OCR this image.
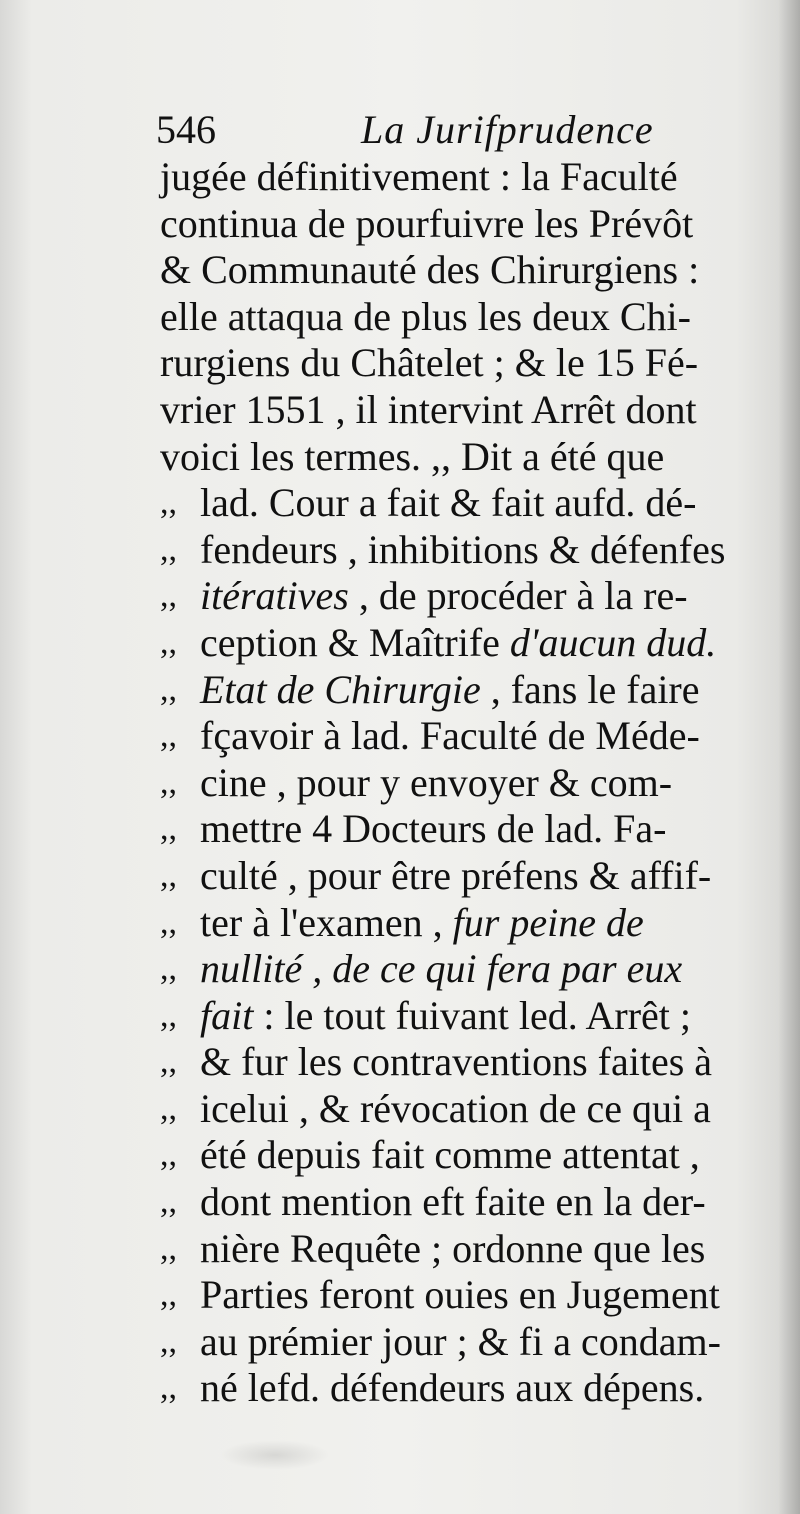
546	La Jurifprudence
jugée définitivement : la Faculté
continua de pourfuivre les Prévôt
& Communauté des Chirurgiens :
elle attaqua de plus les deux Chi-
rurgiens du Châtelet ; & le 15 Fé-
vrier 1551 , il intervint Arrêt dont
voici les termes. ,, Dit a été que
,, lad. Cour a fait & fait aufd. dé-
,, fendeurs , inhibitions & défenfes
,, itératives , de procéder à la re-
,, ception & Maîtrife d'aucun dud.
,, Etat de Chirurgie , fans le faire
,, fçavoir à lad. Faculté de Méde-
,, cine , pour y envoyer & com-
,, mettre 4 Docteurs de lad. Fa-
,, culté , pour être préfens & affif-
,, ter à l'examen , fur peine de
,, nullité , de ce qui fera par eux
,, fait : le tout fuivant led. Arrêt ;
,, & fur les contraventions faites à
,, icelui , & révocation de ce qui a
,, été depuis fait comme attentat ,
,, dont mention eft faite en la der-
,, nière Requête ; ordonne que les
,, Parties feront ouies en Jugement
,, au prémier jour ; & fi a condam-
,, né lefd. défendeurs aux dépens.
